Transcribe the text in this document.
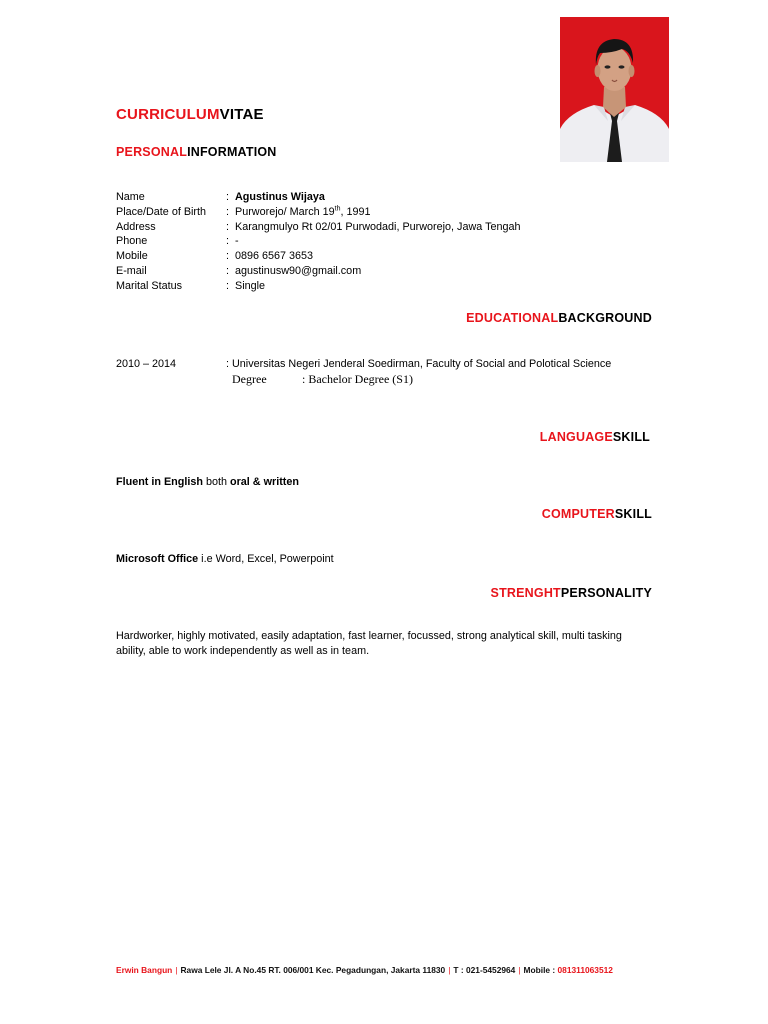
CURRICULUMVITAE
PERSONALINFORMATION
Name	: Agustinus Wijaya
Place/Date of Birth	: Purworejo/ March 19th, 1991
Address	: Karangmulyo Rt 02/01 Purwodadi, Purworejo, Jawa Tengah
Phone	: -
Mobile	: 0896 6567 3653
E-mail	: agustinusw90@gmail.com
Marital Status	: Single
EDUCATIONALBACKGROUND
2010 – 2014	: Universitas Negeri Jenderal Soedirman, Faculty of Social and Polotical Science
Degree	: Bachelor Degree (S1)
LANGUAGESKILL
Fluent in English both oral & written
COMPUTERSKILL
Microsoft Office i.e Word, Excel, Powerpoint
STRENGHTPERSONALITY
Hardworker, highly motivated, easily adaptation, fast learner, focussed, strong analytical skill, multi tasking ability, able to work independently as well as in team.
Erwin Bangun | Rawa Lele Jl. A No.45 RT. 006/001 Kec. Pegadungan, Jakarta 11830 | T : 021-5452964 | Mobile : 081311063512
